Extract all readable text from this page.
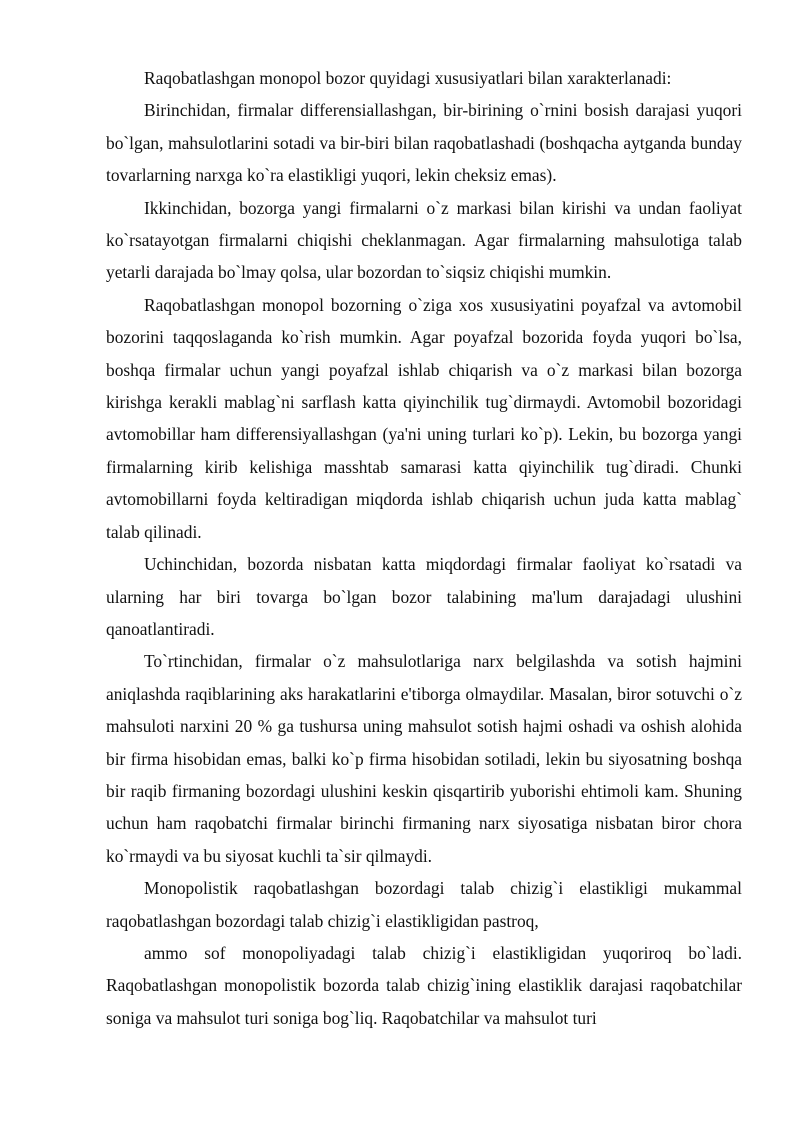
Raqobatlashgan monopol bozor quyidagi xususiyatlari bilan xarakterlanadi:

Birinchidan, firmalar differensiallashgan, bir-birining o`rnini bosish darajasi yuqori bo`lgan, mahsulotlarini sotadi va bir-biri bilan raqobatlashadi (boshqacha aytganda bunday tovarlarning narxga ko`ra elastikligi yuqori, lekin cheksiz emas).

Ikkinchidan, bozorga yangi firmalarni o`z markasi bilan kirishi va undan faoliyat ko`rsatayotgan firmalarni chiqishi cheklanmagan. Agar firmalarning mahsulotiga talab yetarli darajada bo`lmay qolsa, ular bozordan to`siqsiz chiqishi mumkin.

Raqobatlashgan monopol bozorning o`ziga xos xususiyatini poyafzal va avtomobil bozorini taqqoslaganda ko`rish mumkin. Agar poyafzal bozorida foyda yuqori bo`lsa, boshqa firmalar uchun yangi poyafzal ishlab chiqarish va o`z markasi bilan bozorga kirishga kerakli mablag`ni sarflash katta qiyinchilik tug`dirmaydi. Avtomobil bozoridagi avtomobillar ham differensiyallashgan (ya'ni uning turlari ko`p). Lekin, bu bozorga yangi firmalarning kirib kelishiga masshtab samarasi katta qiyinchilik tug`diradi. Chunki avtomobillarni foyda keltiradigan miqdorda ishlab chiqarish uchun juda katta mablag` talab qilinadi.

Uchinchidan, bozorda nisbatan katta miqdordagi firmalar faoliyat ko`rsatadi va ularning har biri tovarga bo`lgan bozor talabining ma'lum darajadagi ulushini qanoatlantiradi.

To`rtinchidan, firmalar o`z mahsulotlariga narx belgilashda va sotish hajmini aniqlashda raqiblarining aks harakatlarini e'tiborga olmaydilar. Masalan, biror sotuvchi o`z mahsuloti narxini 20 % ga tushursa uning mahsulot sotish hajmi oshadi va oshish alohida bir firma hisobidan emas, balki ko`p firma hisobidan sotiladi, lekin bu siyosatning boshqa bir raqib firmaning bozordagi ulushini keskin qisqartirib yuborishi ehtimoli kam. Shuning uchun ham raqobatchi firmalar birinchi firmaning narx siyosatiga nisbatan biror chora ko`rmaydi va bu siyosat kuchli ta`sir qilmaydi.

Monopolistik raqobatlashgan bozordagi talab chizig`i elastikligi mukammal raqobatlashgan bozordagi talab chizig`i elastikligidan pastroq,

ammo sof monopoliyadagi talab chizig`i elastikligidan yuqoriroq bo`ladi. Raqobatlashgan monopolistik bozorda talab chizig`ining elastiklik darajasi raqobatchilar soniga va mahsulot turi soniga bog`liq. Raqobatchilar va mahsulot turi
